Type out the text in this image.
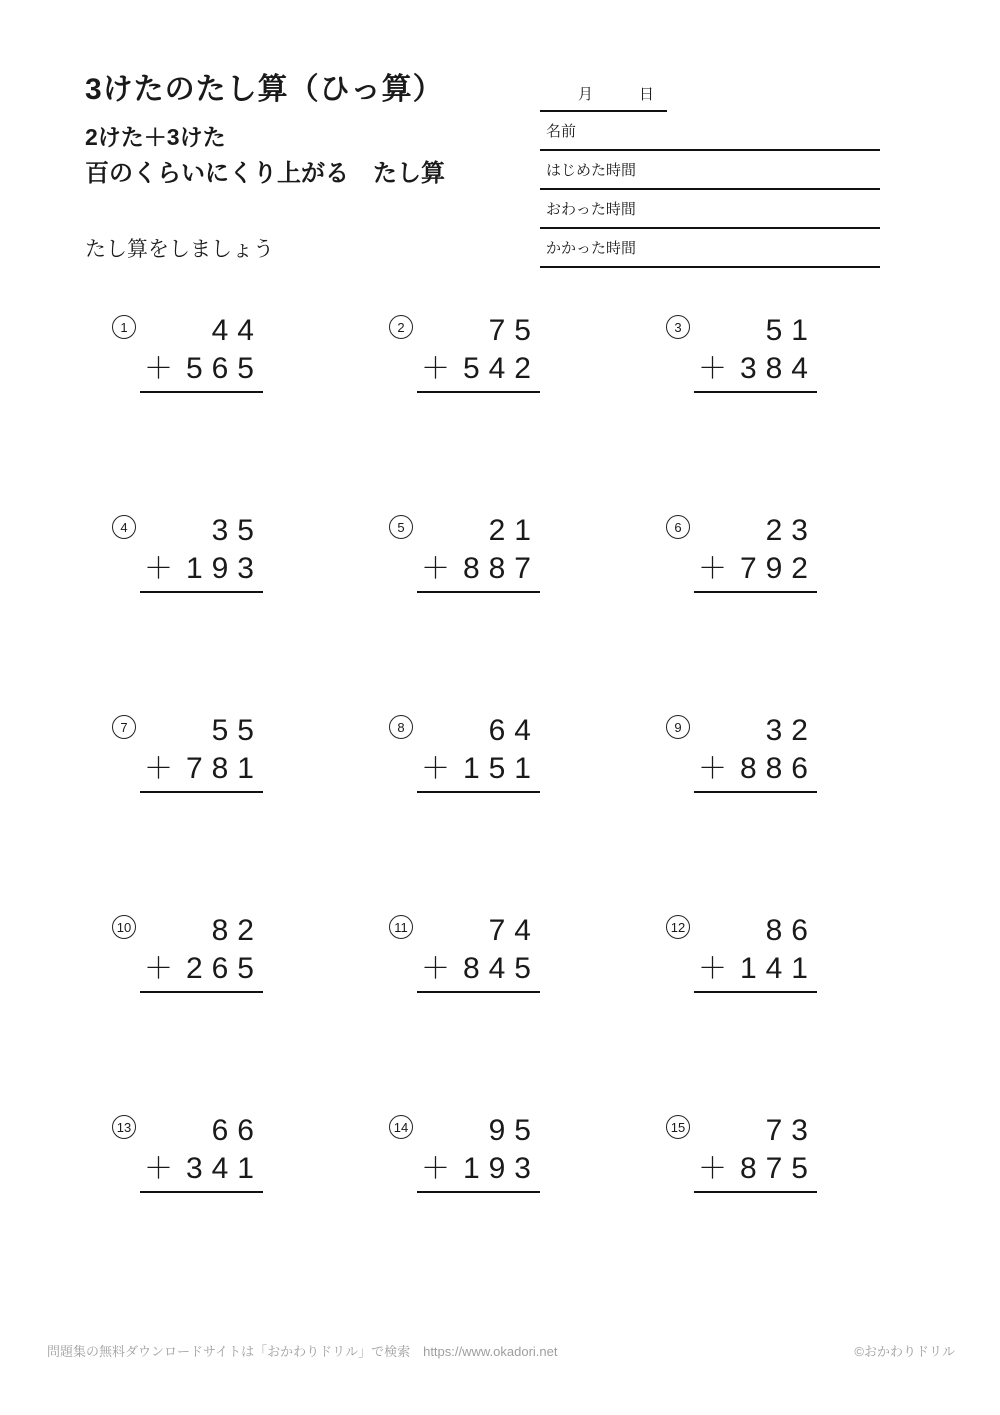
3けたのたし算（ひっ算）
2けた＋3けた
百のくらいにくり上がる　たし算
たし算をしましょう
月	日
名前
はじめた時間
おわった時間
かかった時間
1	44
＋ 565
2	75
＋ 542
3	51
＋ 384
4	35
＋ 193
5	21
＋ 887
6	23
＋ 792
7	55
＋ 781
8	64
＋ 151
9	32
＋ 886
10	82
＋ 265
11	74
＋ 845
12	86
＋ 141
13	66
＋ 341
14	95
＋ 193
15	73
＋ 875
問題集の無料ダウンロードサイトは「おかわりドリル」で検索　https://www.okadori.net	©おかわりドリル
